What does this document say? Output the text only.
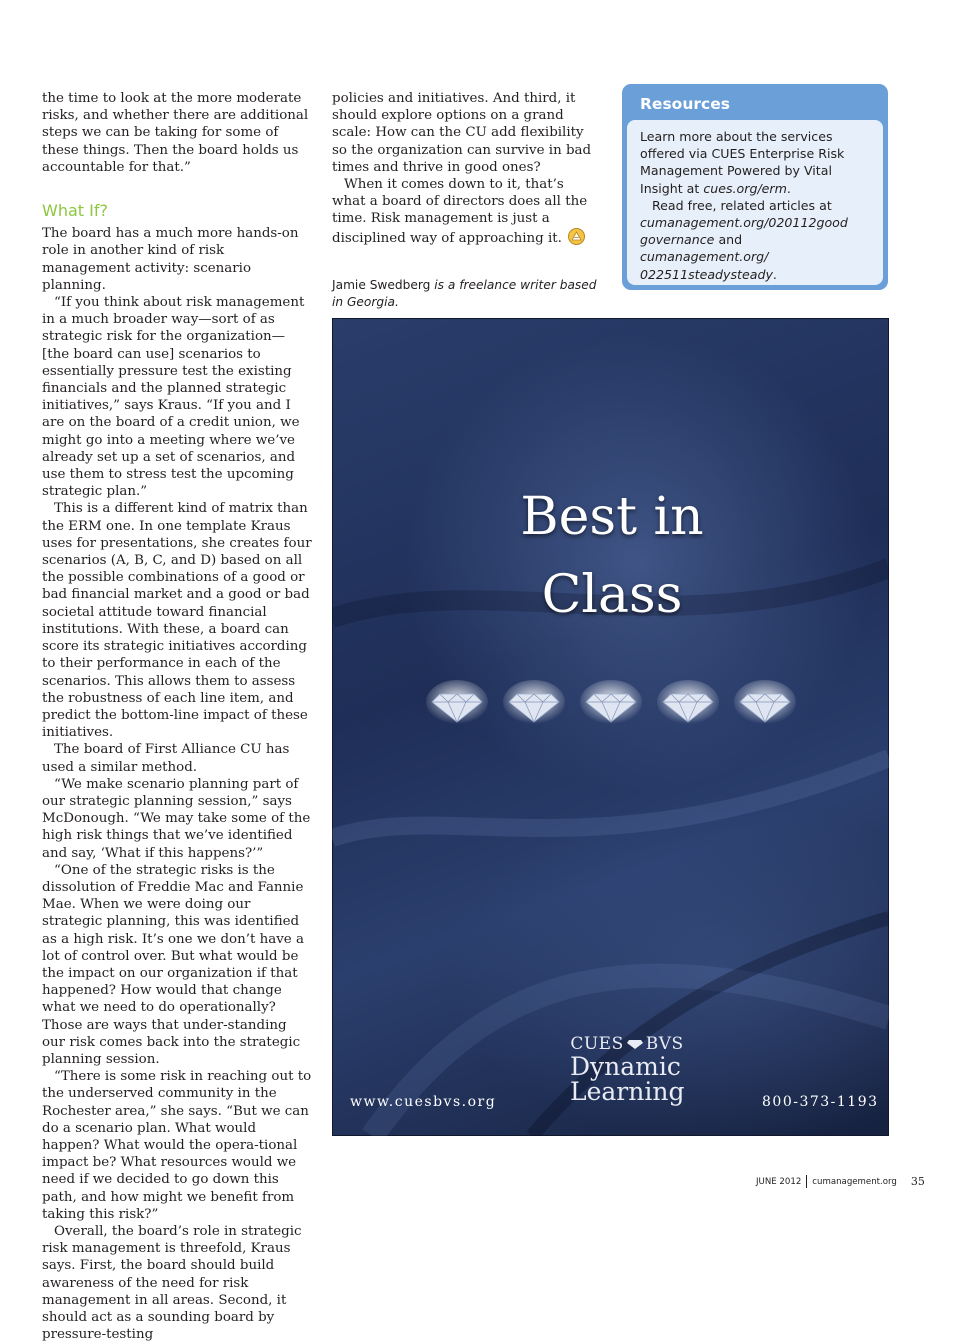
the time to look at the more moderate risks, and whether there are additional steps we can be taking for some of these things. Then the board holds us accountable for that.”

What If?

The board has a much more hands-on role in another kind of risk management activity: scenario planning.

“If you think about risk management in a much broader way—sort of as strategic risk for the organization—[the board can use] scenarios to essentially pressure test the existing financials and the planned strategic initiatives,” says Kraus. “If you and I are on the board of a credit union, we might go into a meeting where we’ve already set up a set of scenarios, and use them to stress test the upcoming strategic plan.”

This is a different kind of matrix than the ERM one. In one template Kraus uses for presentations, she creates four scenarios (A, B, C, and D) based on all the possible combinations of a good or bad financial market and a good or bad societal attitude toward financial institutions. With these, a board can score its strategic initiatives according to their performance in each of the scenarios. This allows them to assess the robustness of each line item, and predict the bottom-line impact of these initiatives.

The board of First Alliance CU has used a similar method.

“We make scenario planning part of our strategic planning session,” says McDonough. “We may take some of the high risk things that we’ve identified and say, ‘What if this happens?’”

“One of the strategic risks is the dissolution of Freddie Mac and Fannie Mae. When we were doing our strategic planning, this was identified as a high risk. It’s one we don’t have a lot of control over. But what would be the impact on our organization if that happened? How would that change what we need to do operationally? Those are ways that under-standing our risk comes back into the strategic planning session.

“There is some risk in reaching out to the underserved community in the Rochester area,” she says. “But we can do a scenario plan. What would happen? What would the opera-tional impact be? What resources would we need if we decided to go down this path, and how might we benefit from taking this risk?”

Overall, the board’s role in strategic risk management is threefold, Kraus says. First, the board should build awareness of the need for risk management in all areas. Second, it should act as a sounding board by pressure-testing

policies and initiatives. And third, it should explore options on a grand scale: How can the CU add flexibility so the organization can survive in bad times and thrive in good ones?

When it comes down to it, that’s what a board of directors does all the time. Risk management is just a disciplined way of approaching it.

Jamie Swedberg is a freelance writer based in Georgia.
Resources

Learn more about the services offered via CUES Enterprise Risk Management Powered by Vital Insight at cues.org/erm.

Read free, related articles at cumanagement.org/020112good governance and cumanagement.org/ 022511steadysteady.

Best in
Class
www.cuesbvs.org
CUES BVS
Dynamic
Learning	800-373-1193
JUNE 2012 cumanagement.org 35
